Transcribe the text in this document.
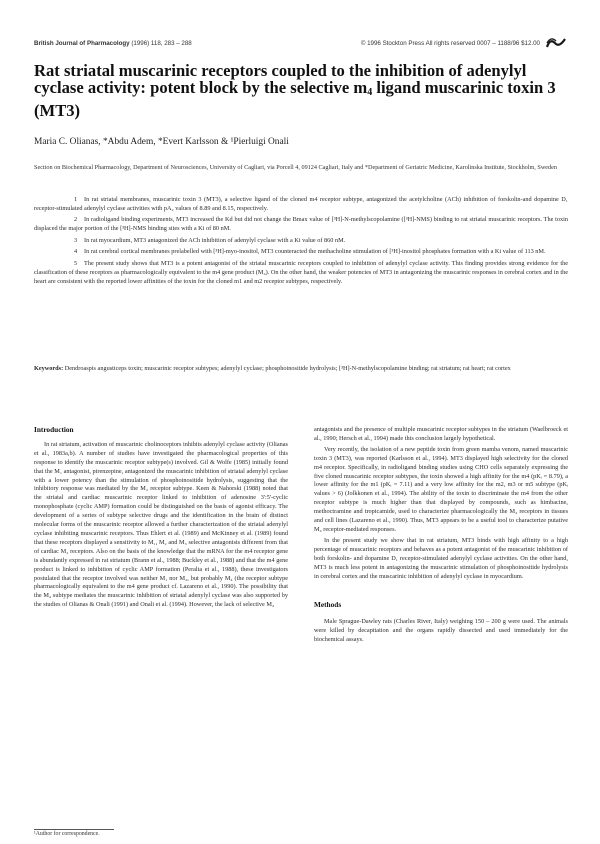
British Journal of Pharmacology (1996) 118, 283 – 288	© 1996 Stockton Press All rights reserved 0007 – 1188/96 $12.00
Rat striatal muscarinic receptors coupled to the inhibition of adenylyl cyclase activity: potent block by the selective $m_4$ ligand muscarinic toxin 3 (MT3)
Maria C. Olianas, *Abdu Adem, *Evert Karlsson & ¹Pierluigi Onali
Section on Biochemical Pharmacology, Department of Neurosciences, University of Cagliari, via Porcell 4, 09124 Cagliari, Italy and *Department of Geriatric Medicine, Karolinska Institute, Stockholm, Sweden

1 In rat striatal membranes, muscarinic toxin 3 (MT3), a selective ligand of the cloned m4 receptor subtype, antagonized the acetylcholine (ACh) inhibition of forskolin-and dopamine D₁ receptor-stimulated adenylyl cyclase activities with pA₂ values of 8.89 and 8.15, respectively.

2 In radioligand binding experiments, MT3 increased the Kd but did not change the Bmax value of [³H]-N-methylscopolamine ([³H]-NMS) binding to rat striatal muscarinic receptors. The toxin displaced the major portion of the [³H]-NMS binding sites with a Ki of 80 nM.

3 In rat myocardium, MT3 antagonized the ACh inhibition of adenylyl cyclase with a Ki value of 860 nM.

4 In rat cerebral cortical membranes prelabelled with [³H]-myo-inositol, MT3 counteracted the methacholine stimulation of [³H]-inositol phosphates formation with a Ki value of 113 nM.

5 The present study shows that MT3 is a potent antagonist of the striatal muscarinic receptors coupled to inhibition of adenylyl cyclase activity. This finding provides strong evidence for the classification of these receptors as pharmacologically equivalent to the m4 gene product (M₄). On the other hand, the weaker potencies of MT3 in antagonizing the muscarinic responses in cerebral cortex and in the heart are consistent with the reported lower affinities of the toxin for the cloned m1 and m2 receptor subtypes, respectively.

Keywords: Dendroaspis angusticeps toxin; muscarinic receptor subtypes; adenylyl cyclase; phosphoinositide hydrolysis; [³H]-N-methylscopolamine binding; rat striatum; rat heart; rat cortex
Introduction

In rat striatum, activation of muscarinic cholinoceptors inhibits adenylyl cyclase activity (Olianas et al., 1983a,b). A number of studies have investigated the pharmacological properties of this response to identify the muscarinic receptor subtype(s) involved. Gil & Wolfe (1985) initially found that the M₁ antagonist, pirenzepine, antagonized the muscarinic inhibition of striatal adenylyl cyclase with a lower potency than the stimulation of phosphoinositide hydrolysis, suggesting that the inhibitory response was mediated by the M₂ receptor subtype. Keen & Nahorski (1988) noted that the striatal and cardiac muscarinic receptor linked to inhibition of adenosine 3':5'-cyclic monophosphate (cyclic AMP) formation could be distinguished on the basis of agonist efficacy. The development of a series of subtype selective drugs and the identification in the brain of distinct molecular forms of the muscarinic receptor allowed a further characterization of the striatal adenylyl cyclase inhibiting muscarinic receptors. Thus Ehlert et al. (1989) and McKinney et al. (1989) found that these receptors displayed a sensitivity to M₁, M₂ and M₃ selective antagonists different from that of cardiac M₂ receptors. Also on the basis of the knowledge that the mRNA for the m4 receptor gene is abundantly expressed in rat striatum (Brann et al., 1988; Buckley et al., 1988) and that the m4 gene product is linked to inhibition of cyclic AMP formation (Peralta et al., 1988), these investigators postulated that the receptor involved was neither M₁ nor M₂, but probably M₄ (the receptor subtype pharmacologically equivalent to the m4 gene product cf. Lazareno et al., 1990). The possibility that the M₄ subtype mediates the muscarinic inhibition of striatal adenylyl cyclase was also supported by the studies of Olianas & Onali (1991) and Onali et al. (1994). However, the lack of selective M₄

antagonists and the presence of multiple muscarinic receptor subtypes in the striatum (Waelbroeck et al., 1990; Hersch et al., 1994) made this conclusion largely hypothetical.

Very recently, the isolation of a new peptide toxin from green mamba venom, named muscarinic toxin 3 (MT3), was reported (Karlsson et al., 1994). MT3 displayed high selectivity for the cloned m4 receptor. Specifically, in radioligand binding studies using CHO cells separately expressing the five cloned muscarinic receptor subtypes, the toxin showed a high affinity for the m4 (pKᵢ = 8.79), a lower affinity for the m1 (pKᵢ = 7.11) and a very low affinity for the m2, m3 or m5 subtype (pKᵢ values > 6) (Jolkkonen et al., 1994). The ability of the toxin to discriminate the m4 from the other receptor subtype is much higher than that displayed by compounds, such as himbacine, methoctramine and tropicamide, used to characterize pharmacologically the M₄ receptors in tissues and cell lines (Lazareno et al., 1990). Thus, MT3 appears to be a useful tool to characterize putative M₄ receptor-mediated responses.

In the present study we show that in rat striatum, MT3 binds with high affinity to a high percentage of muscarinic receptors and behaves as a potent antagonist of the muscarinic inhibition of both forskolin- and dopamine D₁ receptor-stimulated adenylyl cyclase activities. On the other hand, MT3 is much less potent in antagonizing the muscarinic stimulation of phosphoinositide hydrolysis in cerebral cortex and the muscarinic inhibition of adenylyl cyclase in myocardium.

Methods

Male Sprague-Dawley rats (Charles River, Italy) weighing 150 – 200 g were used. The animals were killed by decapitation and the organs rapidly dissected and used immediately for the biochemical assays.

¹Author for correspondence.
